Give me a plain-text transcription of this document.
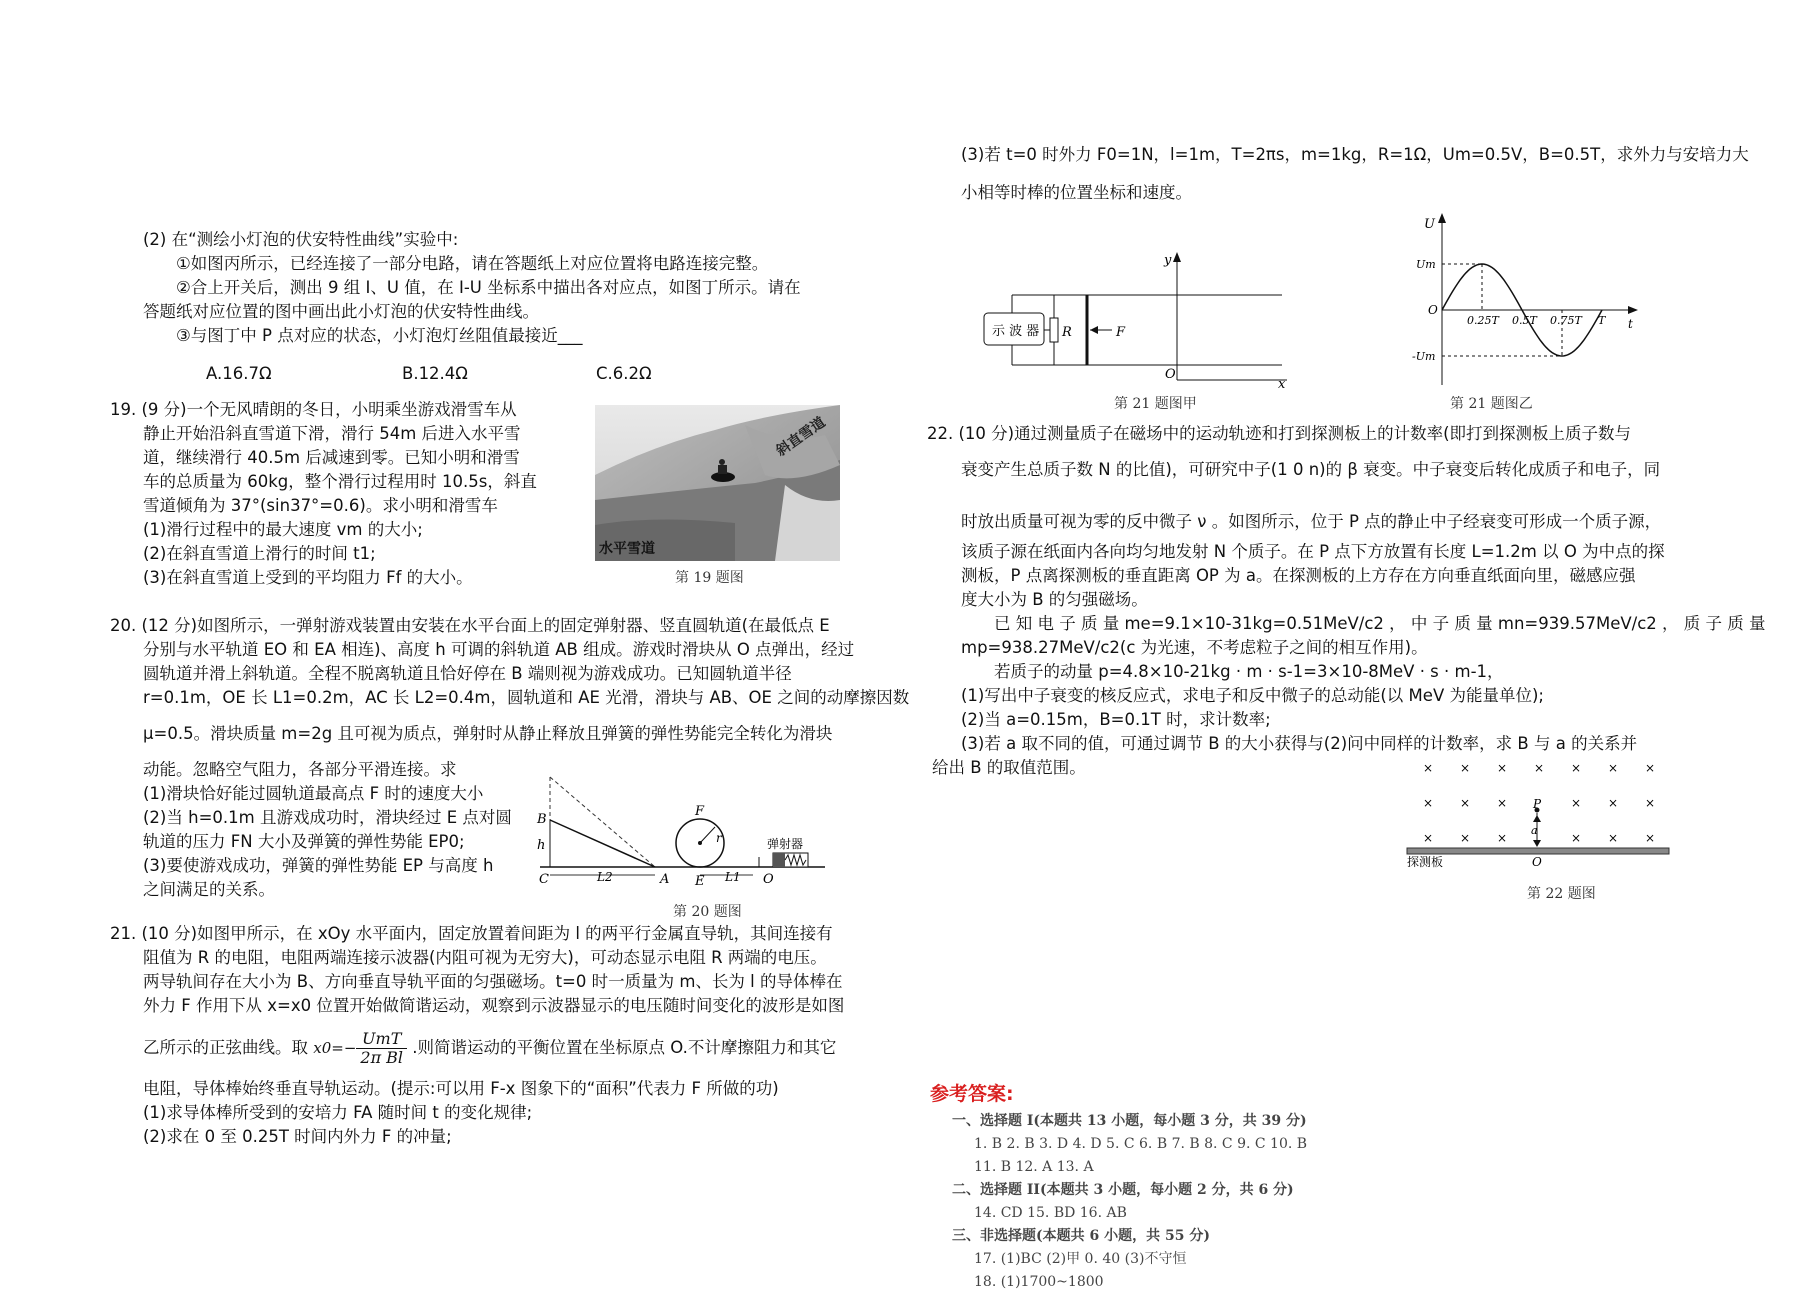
(2) 在“测绘小灯泡的伏安特性曲线”实验中:
①如图丙所示，已经连接了一部分电路，请在答题纸上对应位置将电路连接完整。
②合上开关后，测出 9 组 I、U 值，在 I-U 坐标系中描出各对应点，如图丁所示。请在
答题纸对应位置的图中画出此小灯泡的伏安特性曲线。
③与图丁中 P 点对应的状态，小灯泡灯丝阻值最接近___
A.16.7Ω	B.12.4Ω	C.6.2Ω
19. (9 分)一个无风晴朗的冬日，小明乘坐游戏滑雪车从
静止开始沿斜直雪道下滑，滑行 54m 后进入水平雪
道，继续滑行 40.5m 后减速到零。已知小明和滑雪
车的总质量为 60kg，整个滑行过程用时 10.5s，斜直
雪道倾角为 37°(sin37°=0.6)。求小明和滑雪车
(1)滑行过程中的最大速度 vm 的大小;
(2)在斜直雪道上滑行的时间 t1;
(3)在斜直雪道上受到的平均阻力 Ff 的大小。
斜直雪道
水平雪道
第 19 题图
20. (12 分)如图所示，一弹射游戏装置由安装在水平台面上的固定弹射器、竖直圆轨道(在最低点 E
分别与水平轨道 EO 和 EA 相连)、高度 h 可调的斜轨道 AB 组成。游戏时滑块从 O 点弹出，经过
圆轨道并滑上斜轨道。全程不脱离轨道且恰好停在 B 端则视为游戏成功。已知圆轨道半径
r=0.1m，OE 长 L1=0.2m，AC 长 L2=0.4m，圆轨道和 AE 光滑，滑块与 AB、OE 之间的动摩擦因数
μ=0.5。滑块质量 m=2g 且可视为质点，弹射时从静止释放且弹簧的弹性势能完全转化为滑块
动能。忽略空气阻力，各部分平滑连接。求
(1)滑块恰好能过圆轨道最高点 F 时的速度大小
(2)当 h=0.1m 且游戏成功时，滑块经过 E 点对圆
轨道的压力 FN 大小及弹簧的弹性势能 EP0;
(3)要使游戏成功，弹簧的弹性势能 EP 与高度 h
之间满足的关系。
B
h
C	L2	A E
F
r
L1 O
弹射器
第 20 题图
21. (10 分)如图甲所示，在 xOy 水平面内，固定放置着间距为 l 的两平行金属直导轨，其间连接有
阻值为 R 的电阻，电阻两端连接示波器(内阻可视为无穷大)，可动态显示电阻 R 两端的电压。
两导轨间存在大小为 B、方向垂直导轨平面的匀强磁场。t=0 时一质量为 m、长为 l 的导体棒在
外力 F 作用下从 x=x0 位置开始做简谐运动，观察到示波器显示的电压随时间变化的波形是如图
乙所示的正弦曲线。取 $x0=- \frac{\text{UmT}}{\text{2π Bl}}$ .则简谐运动的平衡位置在坐标原点 O.不计摩擦阻力和其它
电阻，导体棒始终垂直导轨运动。(提示:可以用 F-x 图象下的“面积”代表力 F 所做的功)
(1)求导体棒所受到的安培力 FA 随时间 t 的变化规律;
(2)求在 0 至 0.25T 时间内外力 F 的冲量;
(3)若 t=0 时外力 F0=1N，l=1m，T=2πs，m=1kg，R=1Ω，Um=0.5V，B=0.5T，求外力与安培力大
小相等时棒的位置坐标和速度。
示 波 器 R	F
y
O
x
第 21 题图甲
U
Um
O
0.25T 0.5T 0.75T T t
-Um
第 21 题图乙
22. (10 分)通过测量质子在磁场中的运动轨迹和打到探测板上的计数率(即打到探测板上质子数与
衰变产生总质子数 N 的比值)，可研究中子(1 0 n)的 β 衰变。中子衰变后转化成质子和电子，同
时放出质量可视为零的反中微子 ν 。如图所示，位于 P 点的静止中子经衰变可形成一个质子源，
该质子源在纸面内各向均匀地发射 N 个质子。在 P 点下方放置有长度 L=1.2m 以 O 为中点的探
测板，P 点离探测板的垂直距离 OP 为 a。在探测板的上方存在方向垂直纸面向里，磁感应强
度大小为 B 的匀强磁场。
已 知 电 子 质 量 me=9.1×10-31kg=0.51MeV/c2 ， 中 子 质 量 mn=939.57MeV/c2 ， 质 子 质 量
mp=938.27MeV/c2(c 为光速，不考虑粒子之间的相互作用)。
若质子的动量 p=4.8×10-21kg · m · s-1=3×10-8MeV · s · m-1，
(1)写出中子衰变的核反应式，求电子和反中微子的总动能(以 MeV 为能量单位);
(2)当 a=0.15m，B=0.1T 时，求计数率;
(3)若 a 取不同的值，可通过调节 B 的大小获得与(2)问中同样的计数率，求 B 与 a 的关系并
给出 B 的取值范围。	× × × × × × ×
× × ×	× × ×
× × ×	× × ×
P
a
O
探测板
第 22 题图
参考答案:
一、选择题 I(本题共 13 小题，每小题 3 分，共 39 分)
1. B 2. B 3. D 4. D 5. C 6. B 7. B 8. C 9. C 10. B
11. B 12. A 13. A
二、选择题 II(本题共 3 小题，每小题 2 分，共 6 分)
14. CD 15. BD 16. AB
三、非选择题(本题共 6 小题，共 55 分)
17. (1)BC (2)甲 0. 40 (3)不守恒
18. (1)1700~1800
